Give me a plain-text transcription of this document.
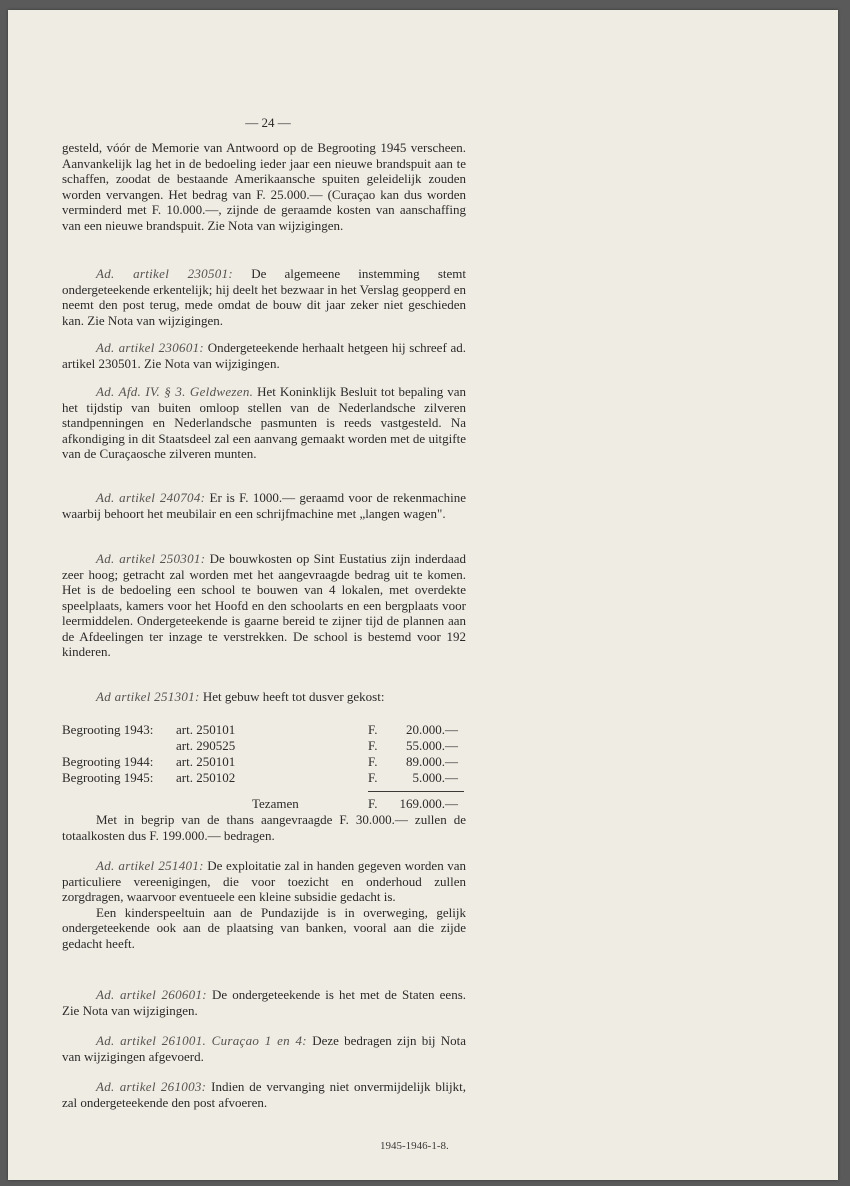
— 24 —

gesteld, vóór de Memorie van Antwoord op de Begrooting 1945 verscheen. Aanvankelijk lag het in de bedoeling ieder jaar een nieuwe brandspuit aan te schaffen, zoodat de bestaande Amerikaansche spuiten geleidelijk zouden worden vervangen. Het bedrag van F. 25.000.— (Curaçao kan dus worden verminderd met F. 10.000.—, zijnde de geraamde kosten van aanschaffing van een nieuwe brandspuit. Zie Nota van wijzigingen.

Ad. artikel 230501: De algemeene instemming stemt ondergeteekende erkentelijk; hij deelt het bezwaar in het Verslag geopperd en neemt den post terug, mede omdat de bouw dit jaar zeker niet geschieden kan. Zie Nota van wijzigingen.

Ad. artikel 230601: Ondergeteekende herhaalt hetgeen hij schreef ad. artikel 230501. Zie Nota van wijzigingen.

Ad. Afd. IV. § 3. Geldwezen. Het Koninklijk Besluit tot bepaling van het tijdstip van buiten omloop stellen van de Nederlandsche zilveren standpenningen en Nederlandsche pasmunten is reeds vastgesteld. Na afkondiging in dit Staatsdeel zal een aanvang gemaakt worden met de uitgifte van de Curaçaosche zilveren munten.

Ad. artikel 240704: Er is F. 1000.— geraamd voor de rekenmachine waarbij behoort het meubilair en een schrijfmachine met „langen wagen".

Ad. artikel 250301: De bouwkosten op Sint Eustatius zijn inderdaad zeer hoog; getracht zal worden met het aangevraagde bedrag uit te komen. Het is de bedoeling een school te bouwen van 4 lokalen, met overdekte speelplaats, kamers voor het Hoofd en den schoolarts en een bergplaats voor leermiddelen. Ondergeteekende is gaarne bereid te zijner tijd de plannen aan de Afdeelingen ter inzage te verstrekken. De school is bestemd voor 192 kinderen.

Ad artikel 251301: Het gebuw heeft tot dusver gekost:

Begrooting 1943: art. 250101	F. 20.000.—
art. 290525	F. 55.000.—
Begrooting 1944: art. 250101	F. 89.000.—
Begrooting 1945: art. 250102	F.	5.000.—
Tezamen	F. 169.000.—

Met in begrip van de thans aangevraagde F. 30.000.— zullen de totaalkosten dus F. 199.000.— bedragen.

Ad. artikel 251401: De exploitatie zal in handen gegeven worden van particuliere vereenigingen, die voor toezicht en onderhoud zullen zorgdragen, waarvoor eventueele een kleine subsidie gedacht is.

Een kinderspeeltuin aan de Pundazijde is in overweging, gelijk ondergeteekende ook aan de plaatsing van banken, vooral aan die zijde gedacht heeft.

Ad. artikel 260601: De ondergeteekende is het met de Staten eens. Zie Nota van wijzigingen.

Ad. artikel 261001. Curaçao 1 en 4: Deze bedragen zijn bij Nota van wijzigingen afgevoerd.

Ad. artikel 261003: Indien de vervanging niet onvermijdelijk blijkt, zal ondergeteekende den post afvoeren.

1945-1946-1-8.
